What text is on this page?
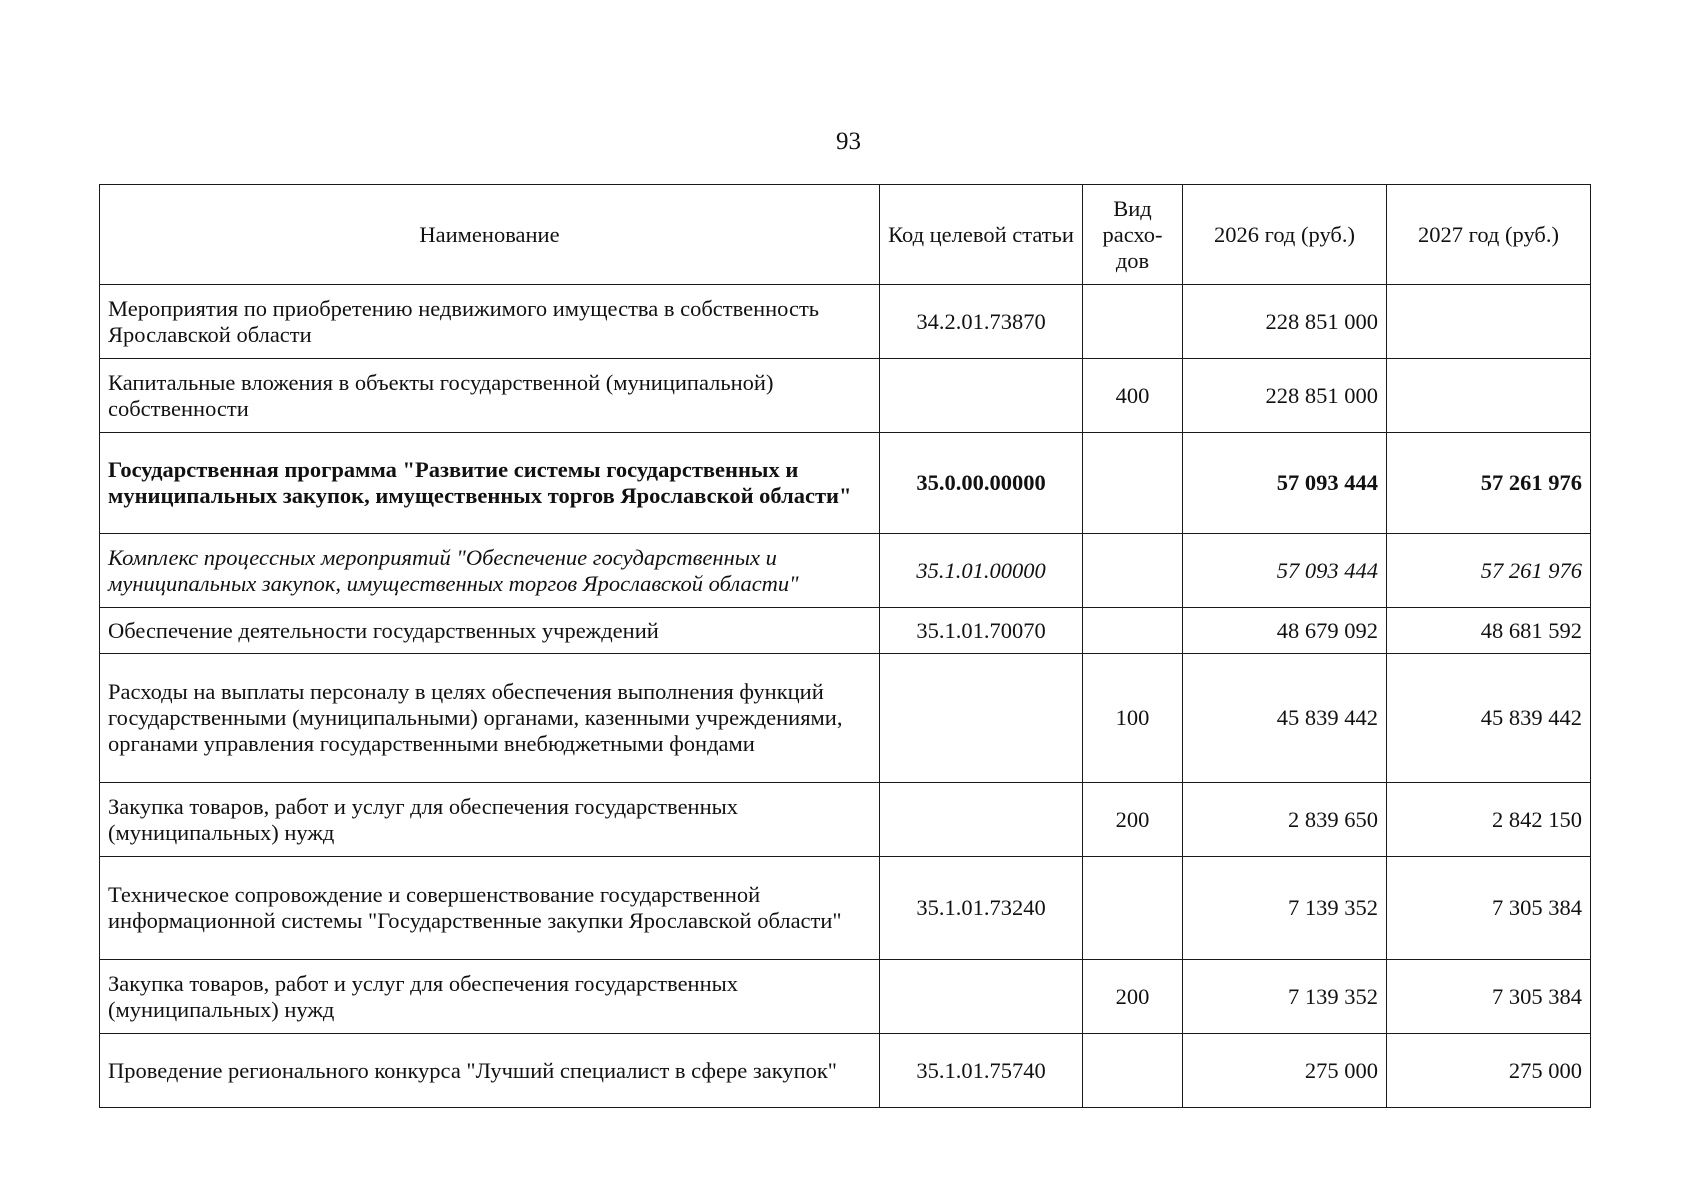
93
Наименование	Код целевой статьи	Вид расхо-дов	2026 год (руб.)	2027 год (руб.)
Мероприятия по приобретению недвижимого имущества в собственность Ярославской области	34.2.01.73870		228 851 000	
Капитальные вложения в объекты государственной (муниципальной) собственности		400	228 851 000	
Государственная программа "Развитие системы государственных и муниципальных закупок, имущественных торгов Ярославской области"	35.0.00.00000		57 093 444	57 261 976
Комплекс процессных мероприятий "Обеспечение государственных и муниципальных закупок, имущественных торгов Ярославской области"	35.1.01.00000		57 093 444	57 261 976
Обеспечение деятельности государственных учреждений	35.1.01.70070		48 679 092	48 681 592
Расходы на выплаты персоналу в целях обеспечения выполнения функций государственными (муниципальными) органами, казенными учреждениями, органами управления государственными внебюджетными фондами		100	45 839 442	45 839 442
Закупка товаров, работ и услуг для обеспечения государственных (муниципальных) нужд		200	2 839 650	2 842 150
Техническое сопровождение и совершенствование государственной информационной системы "Государственные закупки Ярославской области"	35.1.01.73240		7 139 352	7 305 384
Закупка товаров, работ и услуг для обеспечения государственных (муниципальных) нужд		200	7 139 352	7 305 384
Проведение регионального конкурса "Лучший специалист в сфере закупок"	35.1.01.75740		275 000	275 000
